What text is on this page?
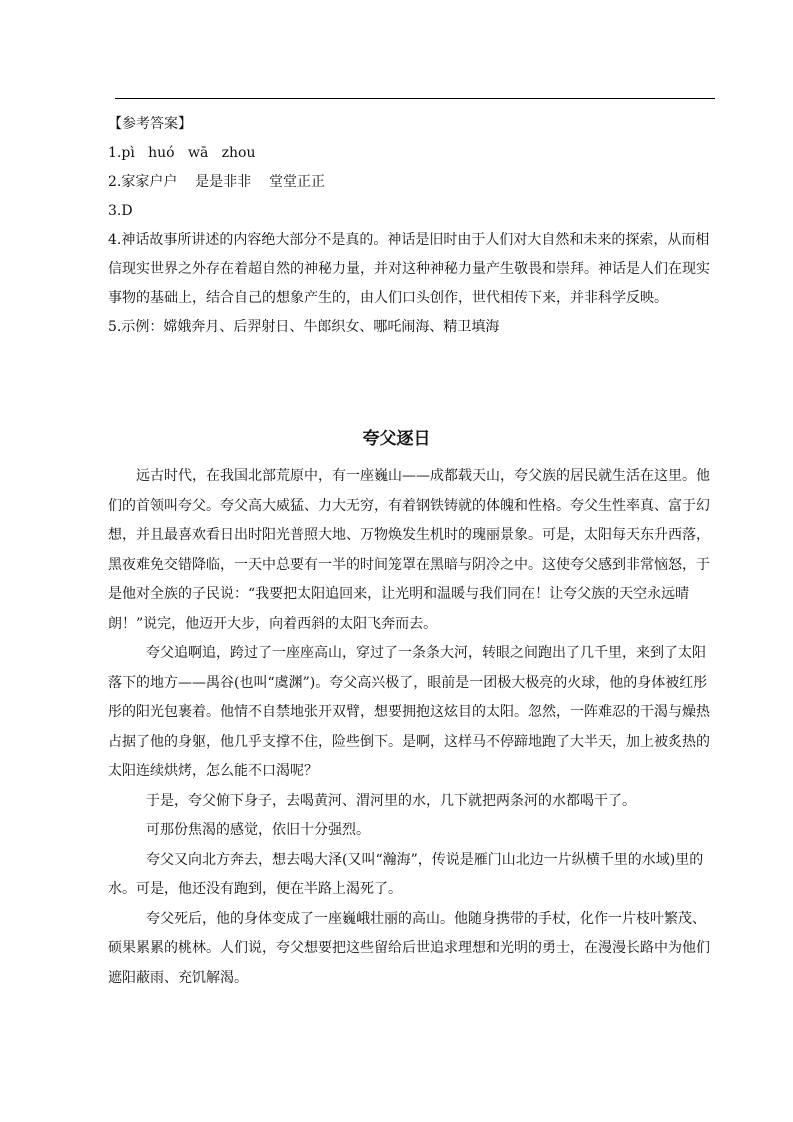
【参考答案】
1.pì   huó   wā   zhou
2.家家户户    是是非非    堂堂正正
3.D
4.神话故事所讲述的内容绝大部分不是真的。神话是旧时由于人们对大自然和未来的探索，从而相信现实世界之外存在着超自然的神秘力量，并对这种神秘力量产生敬畏和崇拜。神话是人们在现实事物的基础上，结合自己的想象产生的，由人们口头创作，世代相传下来，并非科学反映。
5.示例：嫦娥奔月、后羿射日、牛郎织女、哪吒闹海、精卫填海
夸父逐日

远古时代，在我国北部荒原中，有一座巍山——成都载天山，夸父族的居民就生活在这里。他们的首领叫夸父。夸父高大威猛、力大无穷，有着钢铁铸就的体魄和性格。夸父生性率真、富于幻想，并且最喜欢看日出时阳光普照大地、万物焕发生机时的瑰丽景象。可是，太阳每天东升西落，黑夜难免交错降临，一天中总要有一半的时间笼罩在黑暗与阴冷之中。这使夸父感到非常恼怒，于是他对全族的子民说：“我要把太阳追回来，让光明和温暖与我们同在！让夸父族的天空永远晴朗！”说完，他迈开大步，向着西斜的太阳飞奔而去。

夸父追啊追，跨过了一座座高山，穿过了一条条大河，转眼之间跑出了几千里，来到了太阳落下的地方——禺谷(也叫“虞渊”)。夸父高兴极了，眼前是一团极大极亮的火球，他的身体被红彤彤的阳光包裹着。他情不自禁地张开双臂，想要拥抱这炫目的太阳。忽然，一阵难忍的干渴与燥热占据了他的身躯，他几乎支撑不住，险些倒下。是啊，这样马不停蹄地跑了大半天，加上被炙热的太阳连续烘烤，怎么能不口渴呢？

于是，夸父俯下身子，去喝黄河、渭河里的水，几下就把两条河的水都喝干了。

可那份焦渴的感觉，依旧十分强烈。

夸父又向北方奔去，想去喝大泽(又叫“瀚海”，传说是雁门山北边一片纵横千里的水域)里的水。可是，他还没有跑到，便在半路上渴死了。

夸父死后，他的身体变成了一座巍峨壮丽的高山。他随身携带的手杖，化作一片枝叶繁茂、硕果累累的桃林。人们说，夸父想要把这些留给后世追求理想和光明的勇士，在漫漫长路中为他们遮阳蔽雨、充饥解渴。
